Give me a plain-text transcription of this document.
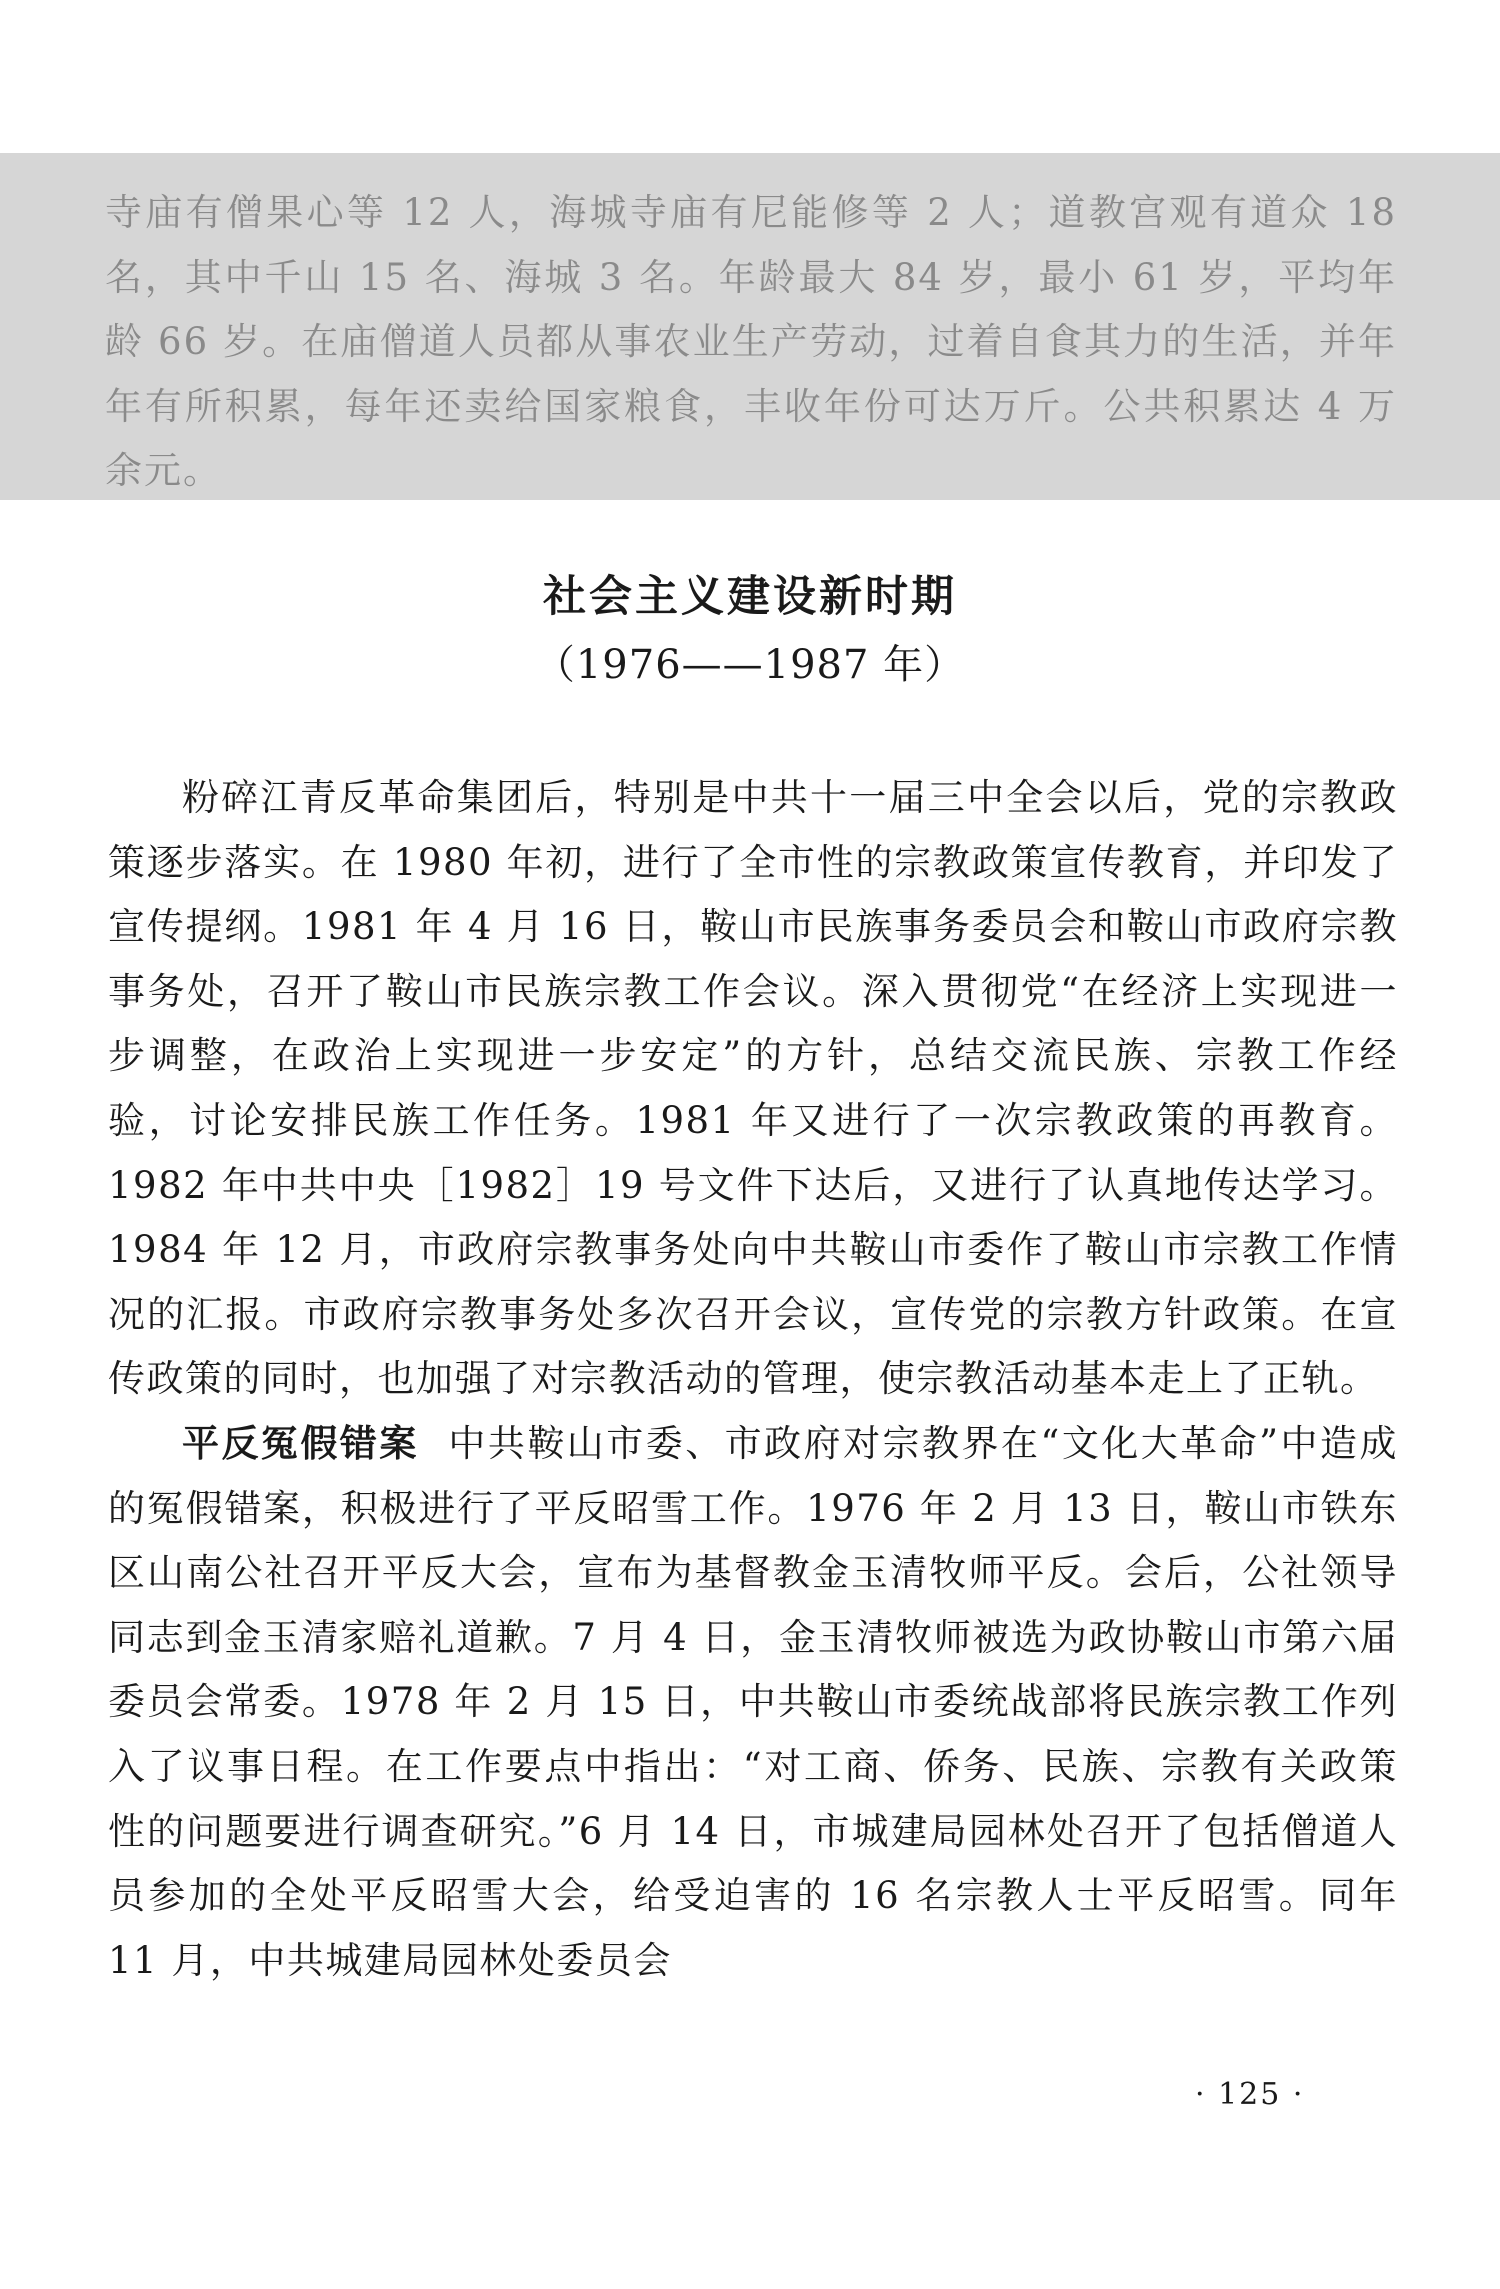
寺庙有僧果心等 12 人，海城寺庙有尼能修等 2 人；道教宫观有道众 18 名，其中千山 15 名、海城 3 名。年龄最大 84 岁，最小 61 岁，平均年龄 66 岁。在庙僧道人员都从事农业生产劳动，过着自食其力的生活，并年年有所积累，每年还卖给国家粮食，丰收年份可达万斤。公共积累达 4 万余元。

社会主义建设新时期
（1976——1987 年）

粉碎江青反革命集团后，特别是中共十一届三中全会以后，党的宗教政策逐步落实。在 1980 年初，进行了全市性的宗教政策宣传教育，并印发了宣传提纲。1981 年 4 月 16 日，鞍山市民族事务委员会和鞍山市政府宗教事务处，召开了鞍山市民族宗教工作会议。深入贯彻党“在经济上实现进一步调整，在政治上实现进一步安定”的方针，总结交流民族、宗教工作经验，讨论安排民族工作任务。1981 年又进行了一次宗教政策的再教育。1982 年中共中央［1982］19 号文件下达后，又进行了认真地传达学习。1984 年 12 月，市政府宗教事务处向中共鞍山市委作了鞍山市宗教工作情况的汇报。市政府宗教事务处多次召开会议，宣传党的宗教方针政策。在宣传政策的同时，也加强了对宗教活动的管理，使宗教活动基本走上了正轨。

平反冤假错案 中共鞍山市委、市政府对宗教界在“文化大革命”中造成的冤假错案，积极进行了平反昭雪工作。1976 年 2 月 13 日，鞍山市铁东区山南公社召开平反大会，宣布为基督教金玉清牧师平反。会后，公社领导同志到金玉清家赔礼道歉。7 月 4 日，金玉清牧师被选为政协鞍山市第六届委员会常委。1978 年 2 月 15 日，中共鞍山市委统战部将民族宗教工作列入了议事日程。在工作要点中指出：“对工商、侨务、民族、宗教有关政策性的问题要进行调查研究。”6 月 14 日，市城建局园林处召开了包括僧道人员参加的全处平反昭雪大会，给受迫害的 16 名宗教人士平反昭雪。同年 11 月，中共城建局园林处委员会

· 125 ·
